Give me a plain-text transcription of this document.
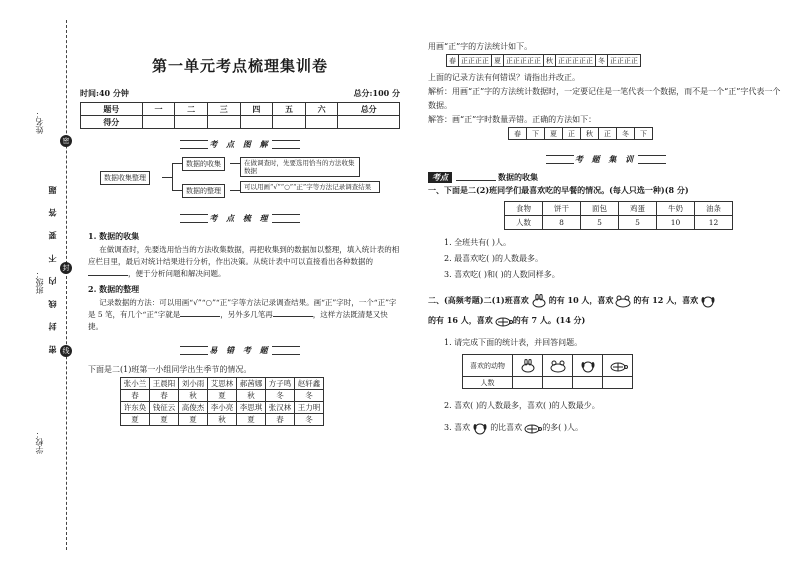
密
封
线
密 封 线 内 不 要 答 题
姓名：
班级：
学校：
第一单元考点梳理集训卷
时间:40 分钟	总分:100 分
题号	一	二	三	四	五	六	总分
得分							
考 点 图 解
数据收集整理
数据的收集
数据的整理
在做调查时，先要选用恰当的方法收集数据
可以用画“√”“○”“正”字等方法记录调查结果
考 点 梳 理
1. 数据的收集
在做调查时，先要选用恰当的方法收集数据，再把收集到的数据加以整理，填入统计表的相应栏目里，最后对统计结果进行分析，作出决策。从统计表中可以直接看出各种数据的，便于分析问题和解决问题。
2. 数据的整理
记录数据的方法：可以用画“√”“○”“正”字等方法记录调查结果。画“正”字时，一个“正”字是 5 笔，有几个“正”字就是	，另外多几笔再	，这样方法既清楚又快捷。
易 错 考 题
下面是二(1)班第一小组同学出生季节的情况。
张小兰	王晨阳	刘小雨	艾思林	郝茜娜	方子鸣	赵轩鑫
春	春	秋	夏	秋	冬	冬
许东奂	钱征云	高俊杰	李小亮	李思琪	张汉林	王力明
夏	夏	夏	秋	夏	春	冬
用画“正”字的方法统计如下。
春	正正正正	夏	正正正正正	秋	正正正正正	冬	正正正正
上面的记录方法有何错误？请指出并改正。
解析：用画“正”字的方法统计数据时，一定要记住是一笔代表一个数据，而不是一个“正”字代表一个数据。
解答：画“正”字时数量弄错。正确的方法如下：
春	下	夏	正	秋	正	冬	下
考 题 集 训
考点	数据的收集
一、下面是二(2)班同学们最喜欢吃的早餐的情况。(每人只选一种)(8 分)
食物	饼干	面包	鸡蛋	牛奶	油条
人数	8	5	5	10	12
1. 全班共有( )人。
2. 最喜欢吃( )的人数最多。
3. 喜欢吃( )和( )的人数同样多。
二、(高频考题)二(1)班喜欢	的有 10 人，喜欢	的有 12 人，喜欢
的有 16 人，喜欢	的有 7 人。(14 分)
1. 请完成下面的统计表，并回答问题。
喜欢的动物				
人数				
2. 喜欢( )的人数最多，喜欢( )的人数最少。
3. 喜欢	的比喜欢	的多( )人。
